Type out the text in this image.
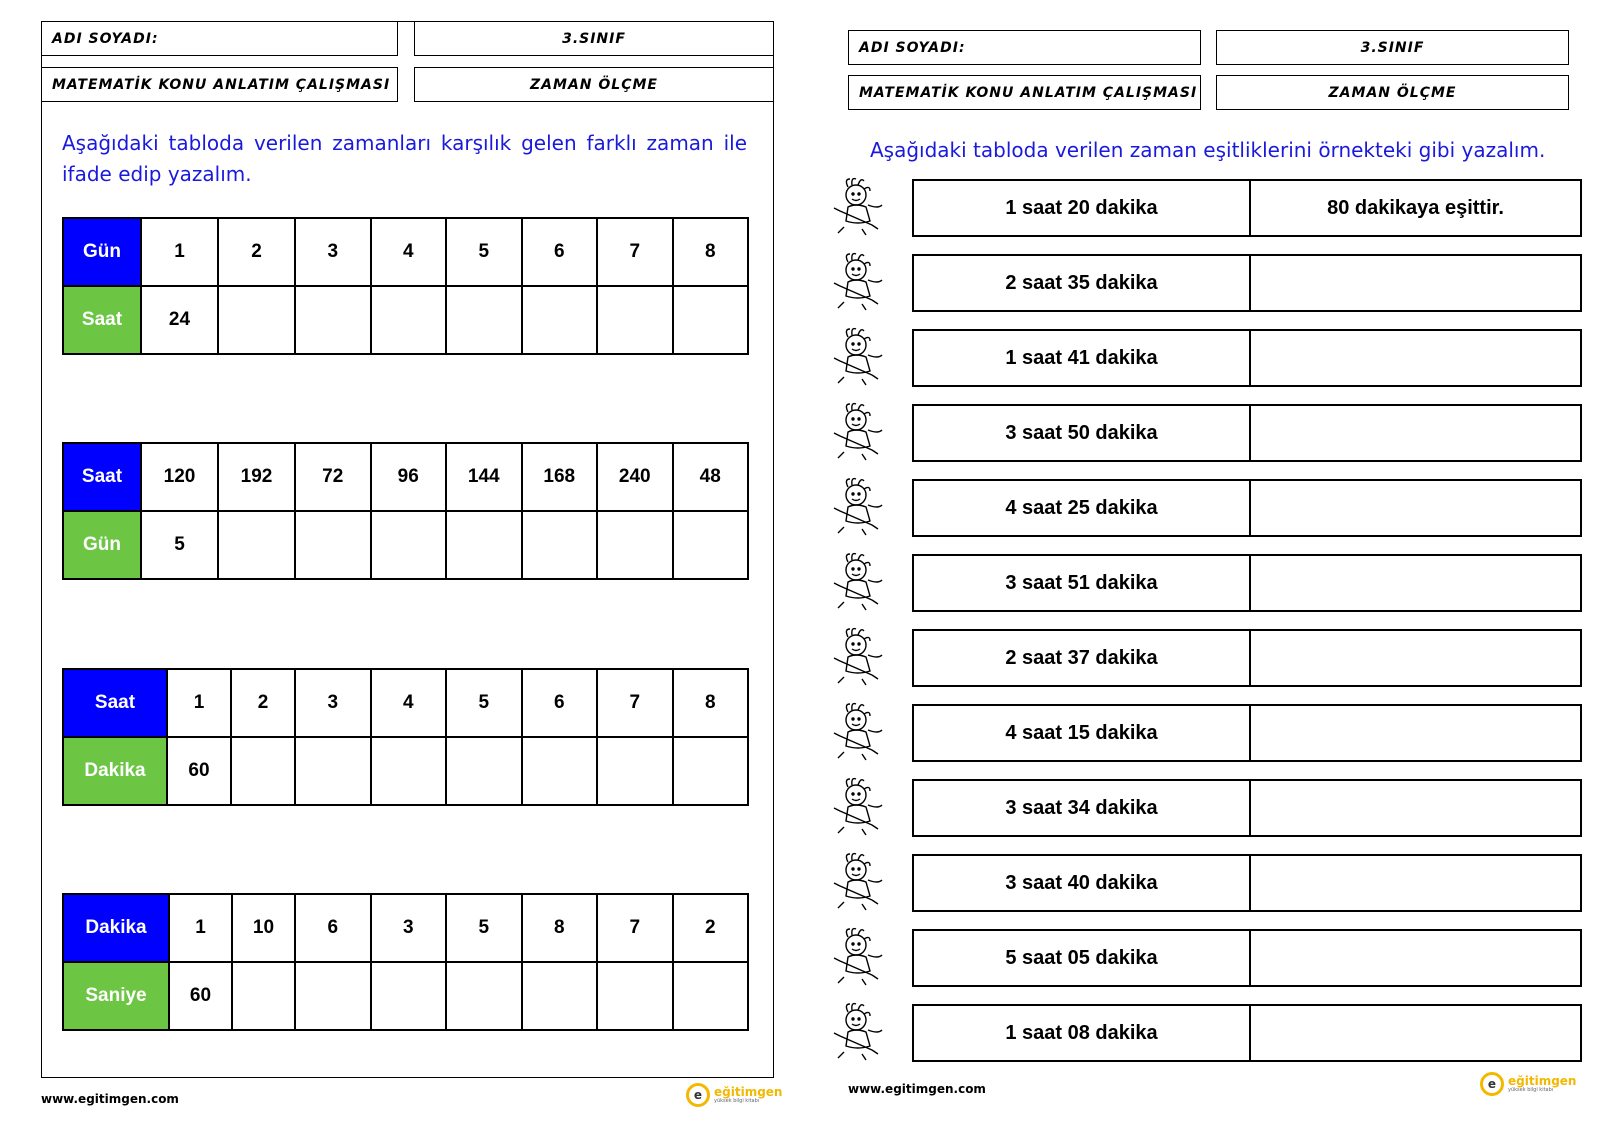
ADI SOYADI:	3.SINIF
MATEMATİK KONU ANLATIM ÇALIŞMASI	ZAMAN ÖLÇME
Aşağıdaki tabloda verilen zamanları karşılık gelen farklı zaman ile ifade edip yazalım.
Gün	1	2	3	4	5	6	7	8
Saat	24							
Saat	120	192	72	96	144	168	240	48
Gün	5							
Saat	1	2	3	4	5	6	7	8
Dakika	60							
Dakika	1	10	6	3	5	8	7	2
Saniye	60							
www.egitimgen.com	e eğitimgen
yüksek bilgi kitabı
ADI SOYADI:	3.SINIF
MATEMATİK KONU ANLATIM ÇALIŞMASI	ZAMAN ÖLÇME
Aşağıdaki tabloda verilen zaman eşitliklerini örnekteki gibi yazalım.
1 saat 20 dakika	80 dakikaya eşittir.
2 saat 35 dakika
1 saat 41 dakika
3 saat 50 dakika
4 saat 25 dakika
3 saat 51 dakika
2 saat 37 dakika
4 saat 15 dakika
3 saat 34 dakika
3 saat 40 dakika
5 saat 05 dakika
1 saat 08 dakika
www.egitimgen.com	e eğitimgen
yüksek bilgi kitabı
